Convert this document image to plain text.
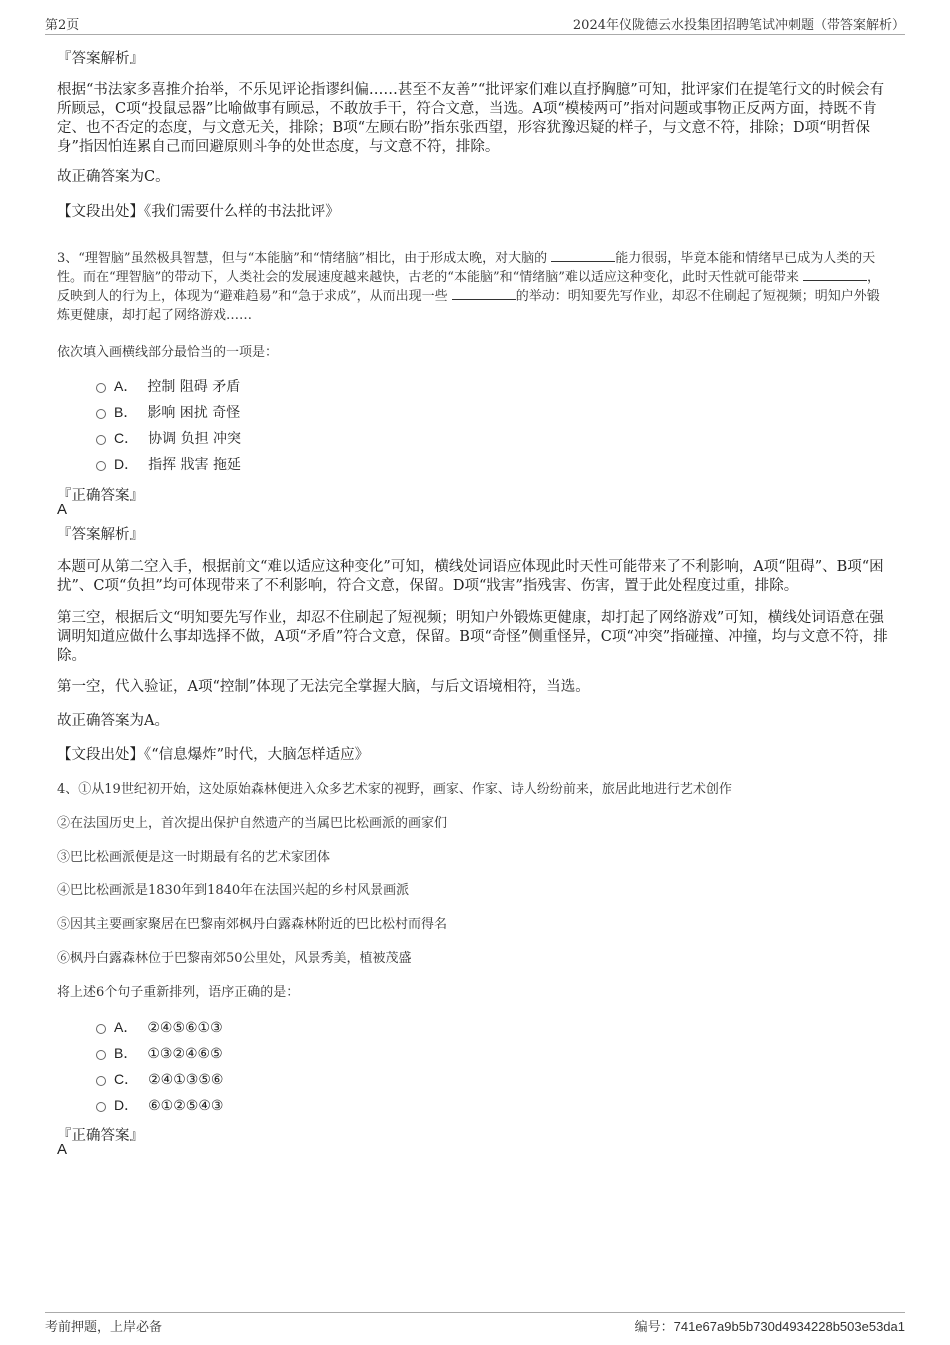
第2页	2024年仪陇德云水投集团招聘笔试冲刺题（带答案解析）
『答案解析』
根据“书法家多喜推介抬举，不乐见评论指谬纠偏……甚至不友善”“批评家们难以直抒胸臆”可知，批评家们在提笔行文的时候会有所顾忌，C项“投鼠忌器”比喻做事有顾忌，不敢放手干，符合文意，当选。A项“模棱两可”指对问题或事物正反两方面，持既不肯定、也不否定的态度，与文意无关，排除；B项“左顾右盼”指东张西望，形容犹豫迟疑的样子，与文意不符，排除；D项“明哲保身”指因怕连累自己而回避原则斗争的处世态度，与文意不符，排除。
故正确答案为C。
【文段出处】《我们需要什么样的书法批评》
3、“理智脑”虽然极具智慧，但与“本能脑”和“情绪脑”相比，由于形成太晚，对大脑的	能力很弱，毕竟本能和情绪早已成为人类的天性。而在“理智脑”的带动下，人类社会的发展速度越来越快，古老的“本能脑”和“情绪脑”难以适应这种变化，此时天性就可能带来	，反映到人的行为上，体现为“避难趋易”和“急于求成”，从而出现一些	的举动：明知要先写作业，却忍不住刷起了短视频；明知户外锻炼更健康，却打起了网络游戏……
依次填入画横线部分最恰当的一项是：
A． 控制 阻碍 矛盾
B． 影响 困扰 奇怪
C． 协调 负担 冲突
D． 指挥 戕害 拖延
『正确答案』
A
『答案解析』
本题可从第二空入手，根据前文“难以适应这种变化”可知，横线处词语应体现此时天性可能带来了不利影响，A项“阻碍”、B项“困扰”、C项“负担”均可体现带来了不利影响，符合文意，保留。D项“戕害”指残害、伤害，置于此处程度过重，排除。
第三空，根据后文“明知要先写作业，却忍不住刷起了短视频；明知户外锻炼更健康，却打起了网络游戏”可知，横线处词语意在强调明知道应做什么事却选择不做，A项“矛盾”符合文意，保留。B项“奇怪”侧重怪异，C项“冲突”指碰撞、冲撞，均与文意不符，排除。
第一空，代入验证，A项“控制”体现了无法完全掌握大脑，与后文语境相符，当选。
故正确答案为A。
【文段出处】《“信息爆炸”时代，大脑怎样适应》
4、①从19世纪初开始，这处原始森林便进入众多艺术家的视野，画家、作家、诗人纷纷前来，旅居此地进行艺术创作
②在法国历史上，首次提出保护自然遗产的当属巴比松画派的画家们
③巴比松画派便是这一时期最有名的艺术家团体
④巴比松画派是1830年到1840年在法国兴起的乡村风景画派
⑤因其主要画家聚居在巴黎南郊枫丹白露森林附近的巴比松村而得名
⑥枫丹白露森林位于巴黎南郊50公里处，风景秀美，植被茂盛
将上述6个句子重新排列，语序正确的是：
A． ②④⑤⑥①③
B． ①③②④⑥⑤
C． ②④①③⑤⑥
D． ⑥①②⑤④③
『正确答案』
A
考前押题，上岸必备	编号：741e67a9b5b730d4934228b503e53da1
